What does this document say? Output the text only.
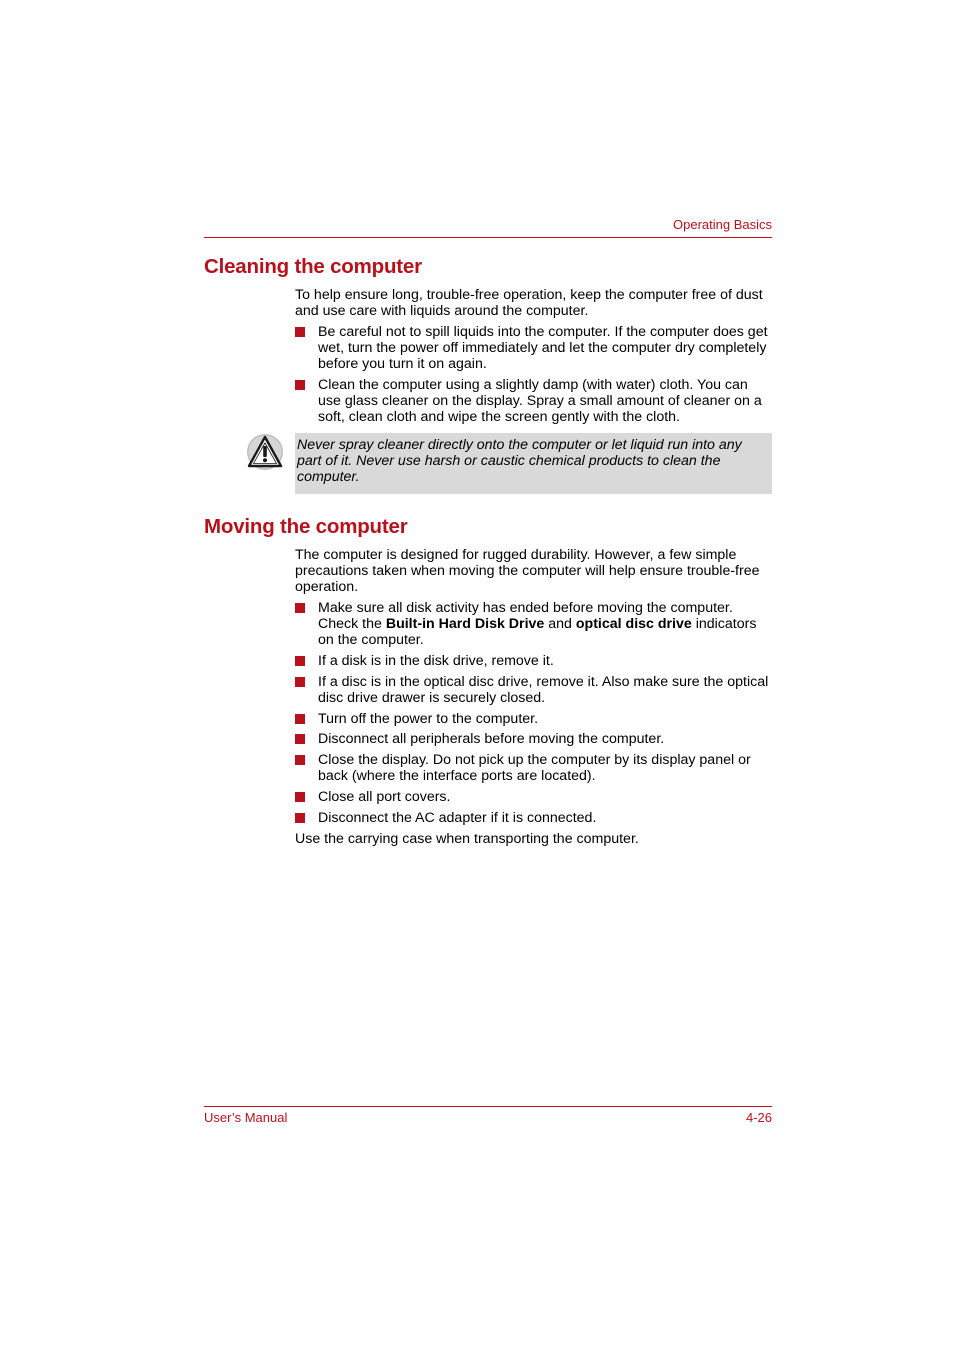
Operating Basics
Cleaning the computer

To help ensure long, trouble-free operation, keep the computer free of dust and use care with liquids around the computer.

Be careful not to spill liquids into the computer. If the computer does get wet, turn the power off immediately and let the computer dry completely before you turn it on again.
Clean the computer using a slightly damp (with water) cloth. You can use glass cleaner on the display. Spray a small amount of cleaner on a soft, clean cloth and wipe the screen gently with the cloth.
Never spray cleaner directly onto the computer or let liquid run into any part of it. Never use harsh or caustic chemical products to clean the computer.
Moving the computer

The computer is designed for rugged durability. However, a few simple precautions taken when moving the computer will help ensure trouble-free operation.

Make sure all disk activity has ended before moving the computer. Check the Built-in Hard Disk Drive and optical disc drive indicators on the computer.
If a disk is in the disk drive, remove it.
If a disc is in the optical disc drive, remove it. Also make sure the optical disc drive drawer is securely closed.
Turn off the power to the computer.
Disconnect all peripherals before moving the computer.
Close the display. Do not pick up the computer by its display panel or back (where the interface ports are located).
Close all port covers.
Disconnect the AC adapter if it is connected.

Use the carrying case when transporting the computer.

User’s Manual	4-26
